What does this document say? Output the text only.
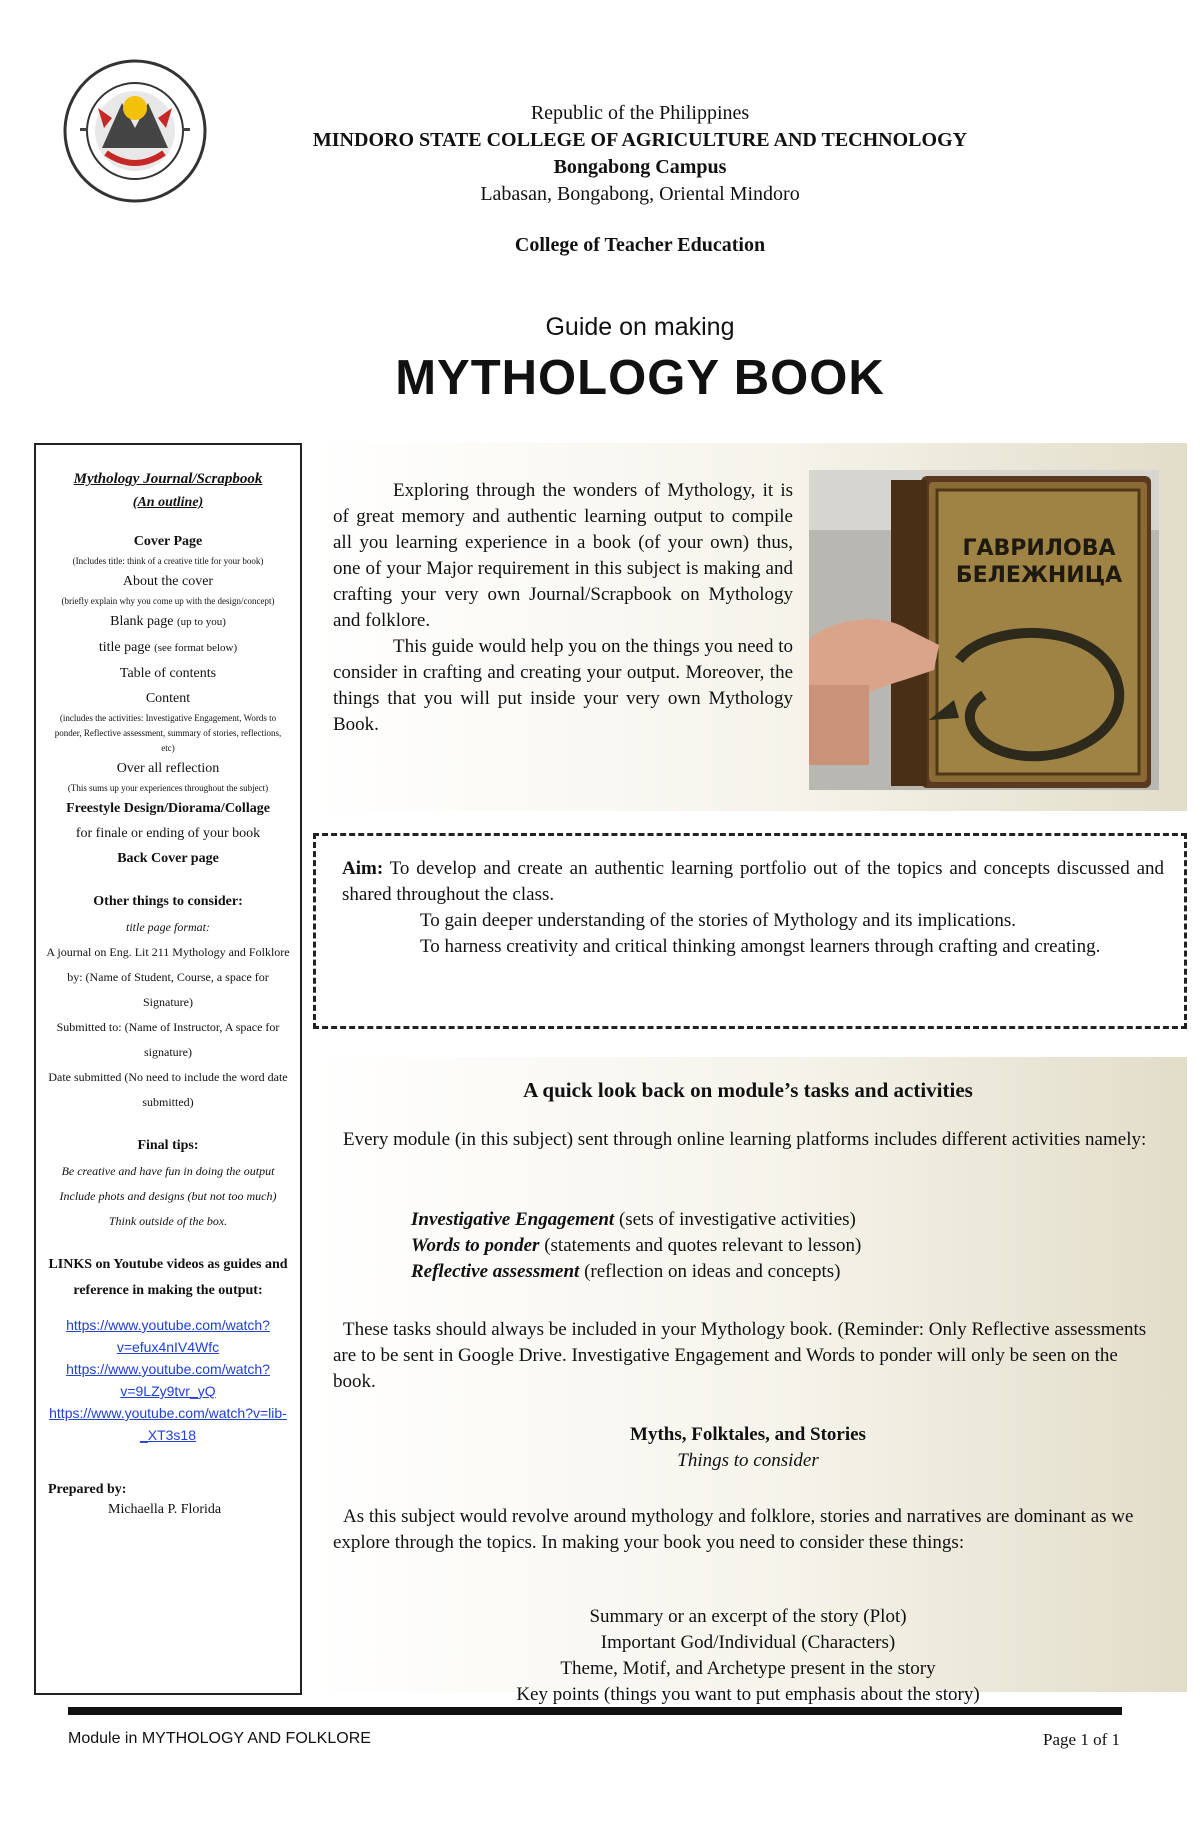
Republic of the Philippines
MINDORO STATE COLLEGE OF AGRICULTURE AND TECHNOLOGY
Bongabong Campus
Labasan, Bongabong, Oriental Mindoro
College of Teacher Education
Guide on making
MYTHOLOGY BOOK
Mythology Journal/Scrapbook
(An outline)
Cover Page
(Includes title: think of a creative title for your book)
About the cover
(briefly explain why you come up with the design/concept)
Blank page (up to you)
title page (see format below)
Table of contents
Content
(includes the activities: Investigative Engagement, Words to ponder, Reflective assessment, summary of stories, reflections, etc)
Over all reflection
(This sums up your experiences throughout the subject)
Freestyle Design/Diorama/Collage
for finale or ending of your book
Back Cover page
Other things to consider:
title page format:
A journal on Eng. Lit 211 Mythology and Folklore
by: (Name of Student, Course, a space for Signature)
Submitted to: (Name of Instructor, A space for signature)
Date submitted (No need to include the word date submitted)
Final tips:
Be creative and have fun in doing the output
Include phots and designs (but not too much)
Think outside of the box.
LINKS on Youtube videos as guides and reference in making the output:
https://www.youtube.com/watch?v=efux4nIV4Wfc
https://www.youtube.com/watch?v=9LZy9tvr_yQ
https://www.youtube.com/watch?v=lib-_XT3s18
Prepared by:
Michaella P. Florida

Exploring through the wonders of Mythology, it is of great memory and authentic learning output to compile all you learning experience in a book (of your own) thus, one of your Major requirement in this subject is making and crafting your very own Journal/Scrapbook on Mythology and folklore.

This guide would help you on the things you need to consider in crafting and creating your output. Moreover, the things that you will put inside your very own Mythology Book.

ГАВРИЛОВА
БЕЛЕЖНИЦА

Aim: To develop and create an authentic learning portfolio out of the topics and concepts discussed and shared throughout the class.

To gain deeper understanding of the stories of Mythology and its implications.

To harness creativity and critical thinking amongst learners through crafting and creating.

A quick look back on module’s tasks and activities
Every module (in this subject) sent through online learning platforms includes different activities namely:
Investigative Engagement (sets of investigative activities)
Words to ponder (statements and quotes relevant to lesson)
Reflective assessment (reflection on ideas and concepts)
These tasks should always be included in your Mythology book. (Reminder: Only Reflective assessments are to be sent in Google Drive. Investigative Engagement and Words to ponder will only be seen on the book.
Myths, Folktales, and Stories
Things to consider
As this subject would revolve around mythology and folklore, stories and narratives are dominant as we explore through the topics. In making your book you need to consider these things:
Summary or an excerpt of the story (Plot)
Important God/Individual (Characters)
Theme, Motif, and Archetype present in the story
Key points (things you want to put emphasis about the story)
Module in MYTHOLOGY AND FOLKLORE	Page 1 of 1
